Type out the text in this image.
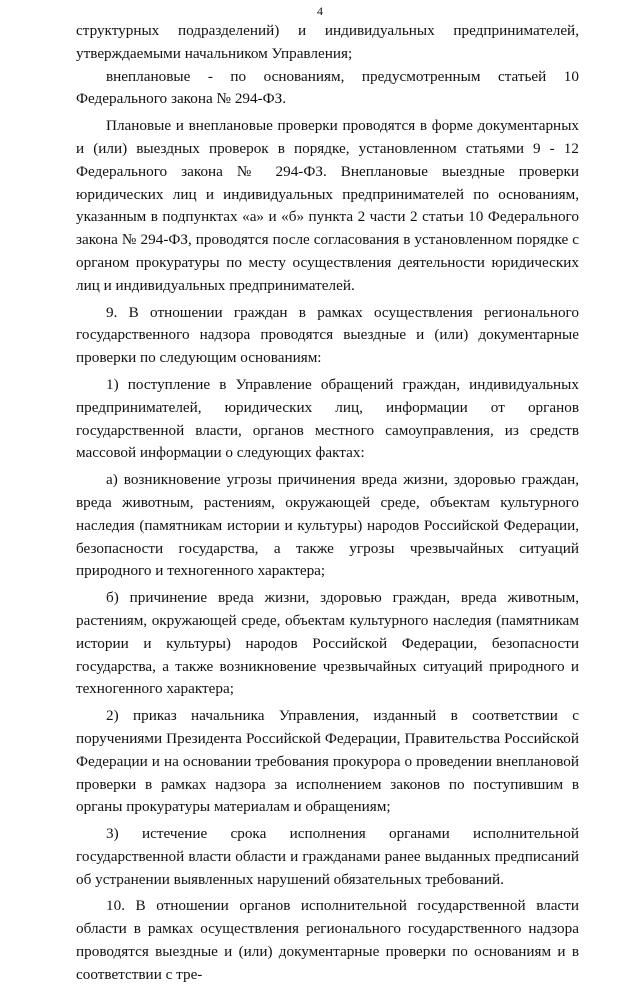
4

структурных подразделений) и индивидуальных предпринимателей, утверждаемыми начальником Управления;

внеплановые - по основаниям, предусмотренным статьей 10 Федерального закона № 294-ФЗ.

Плановые и внеплановые проверки проводятся в форме документарных и (или) выездных проверок в порядке, установленном статьями 9 - 12 Федерального закона № 294-ФЗ. Внеплановые выездные проверки юридических лиц и индивидуальных предпринимателей по основаниям, указанным в подпунктах «а» и «б» пункта 2 части 2 статьи 10 Федерального закона № 294-ФЗ, проводятся после согласования в установленном порядке с органом прокуратуры по месту осуществления деятельности юридических лиц и индивидуальных предпринимателей.

9. В отношении граждан в рамках осуществления регионального государственного надзора проводятся выездные и (или) документарные проверки по следующим основаниям:

1) поступление в Управление обращений граждан, индивидуальных предпринимателей, юридических лиц, информации от органов государственной власти, органов местного самоуправления, из средств массовой информации о следующих фактах:

а) возникновение угрозы причинения вреда жизни, здоровью граждан, вреда животным, растениям, окружающей среде, объектам культурного наследия (памятникам истории и культуры) народов Российской Федерации, безопасности государства, а также угрозы чрезвычайных ситуаций природного и техногенного характера;

б) причинение вреда жизни, здоровью граждан, вреда животным, растениям, окружающей среде, объектам культурного наследия (памятникам истории и культуры) народов Российской Федерации, безопасности государства, а также возникновение чрезвычайных ситуаций природного и техногенного характера;

2) приказ начальника Управления, изданный в соответствии с поручениями Президента Российской Федерации, Правительства Российской Федерации и на основании требования прокурора о проведении внеплановой проверки в рамках надзора за исполнением законов по поступившим в органы прокуратуры материалам и обращениям;

3) истечение срока исполнения органами исполнительной государственной власти области и гражданами ранее выданных предписаний об устранении выявленных нарушений обязательных требований.

10. В отношении органов исполнительной государственной власти области в рамках осуществления регионального государственного надзора проводятся выездные и (или) документарные проверки по основаниям и в соответствии с тре-
